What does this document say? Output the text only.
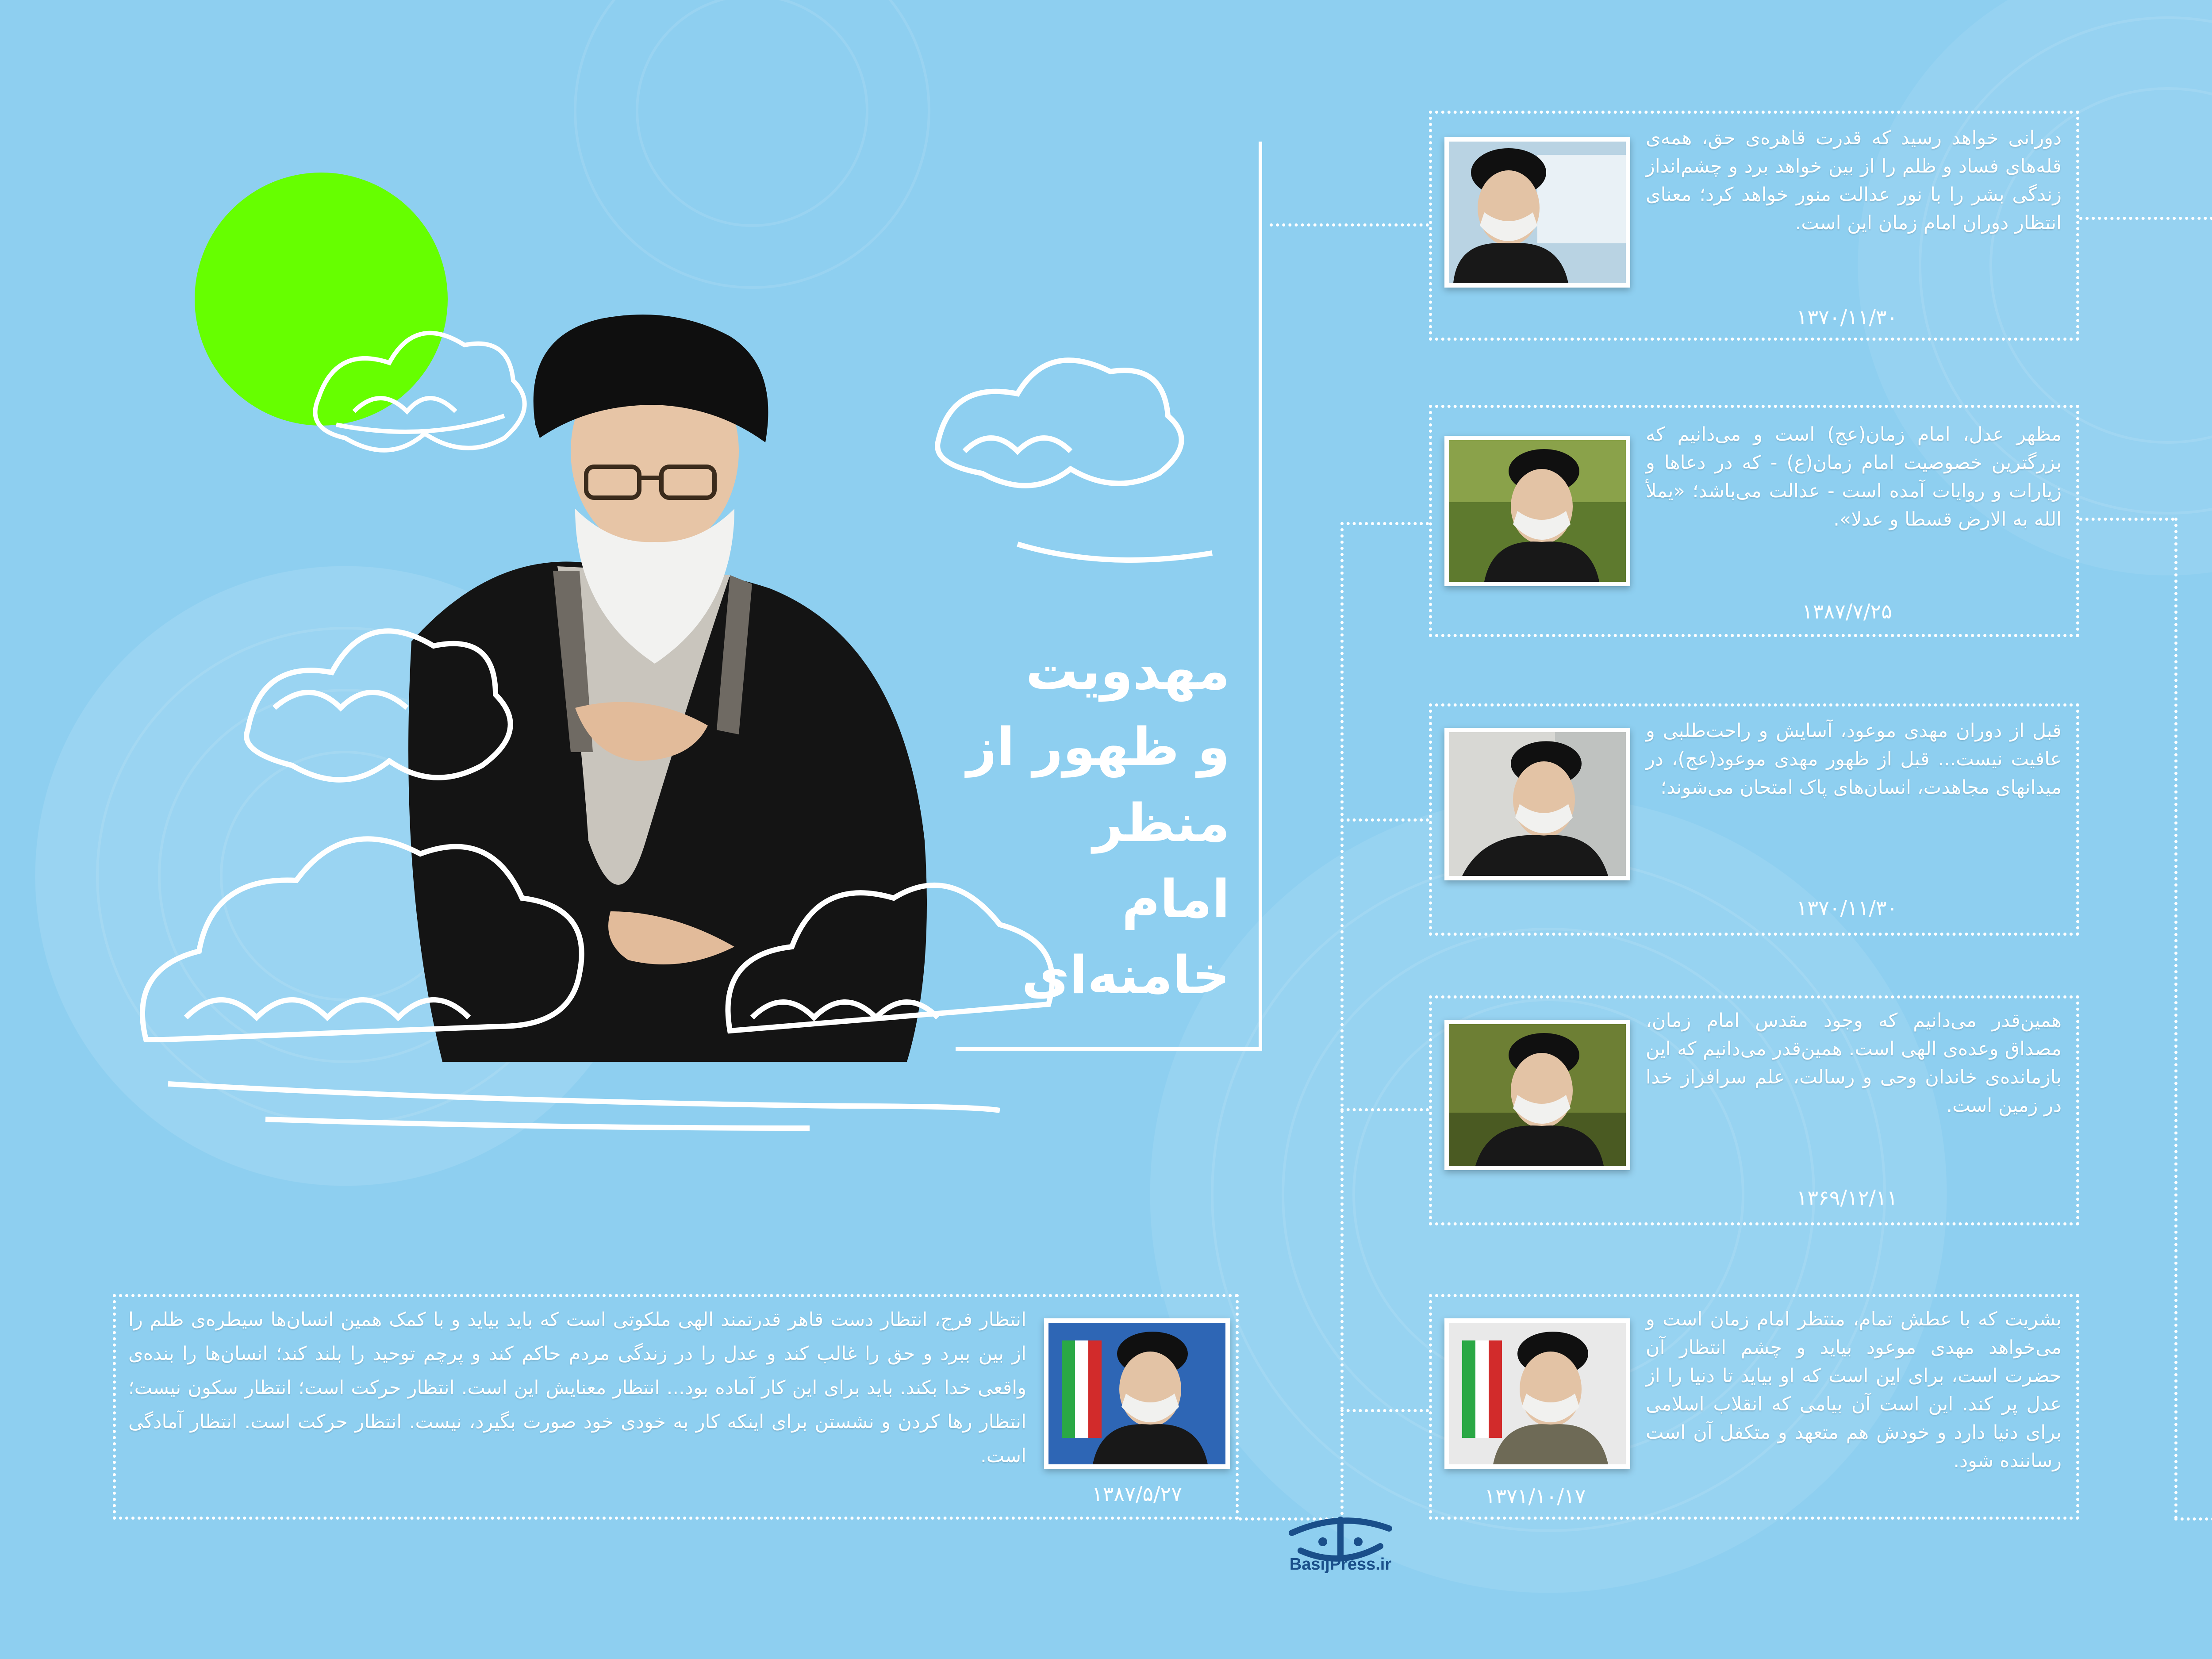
مهدویت
و ظهور از
منظر
امام
خامنه‌ای
دورانی خواهد رسید که قدرت قاهره‌ی حق، همه‌ی قله‌های فساد و ظلم را از بین خواهد برد و چشم‌انداز زندگی بشر را با نور عدالت منور خواهد کرد؛ معنای انتظار دوران امام زمان این است.
۱۳۷۰/۱۱/۳۰
مظهر عدل، امام زمان(عج) است و می‌دانیم که بزرگترین خصوصیت امام زمان(ع) - که در دعاها و زیارات و روایات آمده است - عدالت می‌باشد؛ «یملأ الله به الارض قسطا و عدلا».
۱۳۸۷/۷/۲۵
قبل از دوران مهدی موعود، آسایش و راحت‌طلبی و عافیت نیست... قبل از ظهور مهدی موعود(عج)، در میدانهای مجاهدت، انسان‌های پاک امتحان می‌شوند؛
۱۳۷۰/۱۱/۳۰
همین‌قدر می‌دانیم که وجود مقدس امام زمان، مصداق وعده‌ی الهی است. همین‌قدر می‌دانیم که این بازمانده‌ی خاندان وحی و رسالت، علم سرافراز خدا در زمین است.
۱۳۶۹/۱۲/۱۱
بشریت که با عطش تمام، منتظر امام زمان است و می‌خواهد مهدی موعود بیاید و چشم انتظار آن حضرت است، برای این است که او بیاید تا دنیا را از عدل پر کند. این است آن بیامی که انقلاب اسلامی برای دنیا دارد و خودش هم متعهد و متکفل آن است رساننده شود.
۱۳۷۱/۱۰/۱۷
انتظار فرج، انتظار دست قاهر قدرتمند الهی ملکوتی است که باید بیاید و با کمک همین انسان‌ها سیطره‌ی ظلم را از بین ببرد و حق را غالب کند و عدل را در زندگی مردم حاکم کند و پرچم توحید را بلند کند؛ انسان‌ها را بنده‌ی واقعی خدا بکند. باید برای این کار آماده بود... انتظار معنایش این است. انتظار حرکت است؛ انتظار سکون نیست؛ انتظار رها کردن و نشستن برای اینکه کار به خودی خود صورت بگیرد، نیست. انتظار حرکت است. انتظار آمادگی است.
۱۳۸۷/۵/۲۷
BasijPress.ir
